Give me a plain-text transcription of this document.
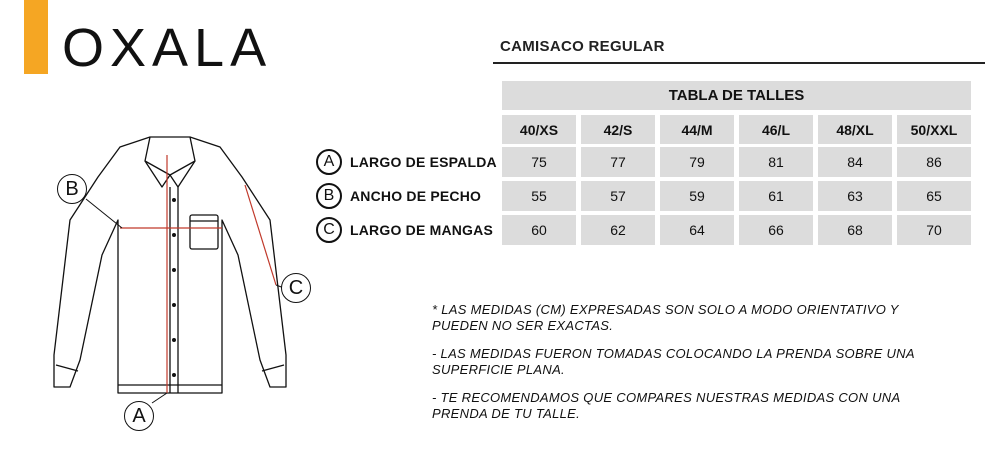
OXALA	CAMISACO REGULAR
TABLA DE TALLES
40/XS	42/S	44/M	46/L	48/XL	50/XXL
A	LARGO DE ESPALDA	75	77	79	81	84	86
B	ANCHO DE PECHO	55	57	59	61	63	65
C	LARGO DE MANGAS	60	62	64	66	68	70
* LAS MEDIDAS (CM) EXPRESADAS SON SOLO A MODO ORIENTATIVO Y PUEDEN NO SER EXACTAS.
- LAS MEDIDAS FUERON TOMADAS COLOCANDO LA PRENDA SOBRE UNA SUPERFICIE PLANA.
- TE RECOMENDAMOS QUE COMPARES NUESTRAS MEDIDAS CON UNA PRENDA DE TU TALLE.
B
A
C
